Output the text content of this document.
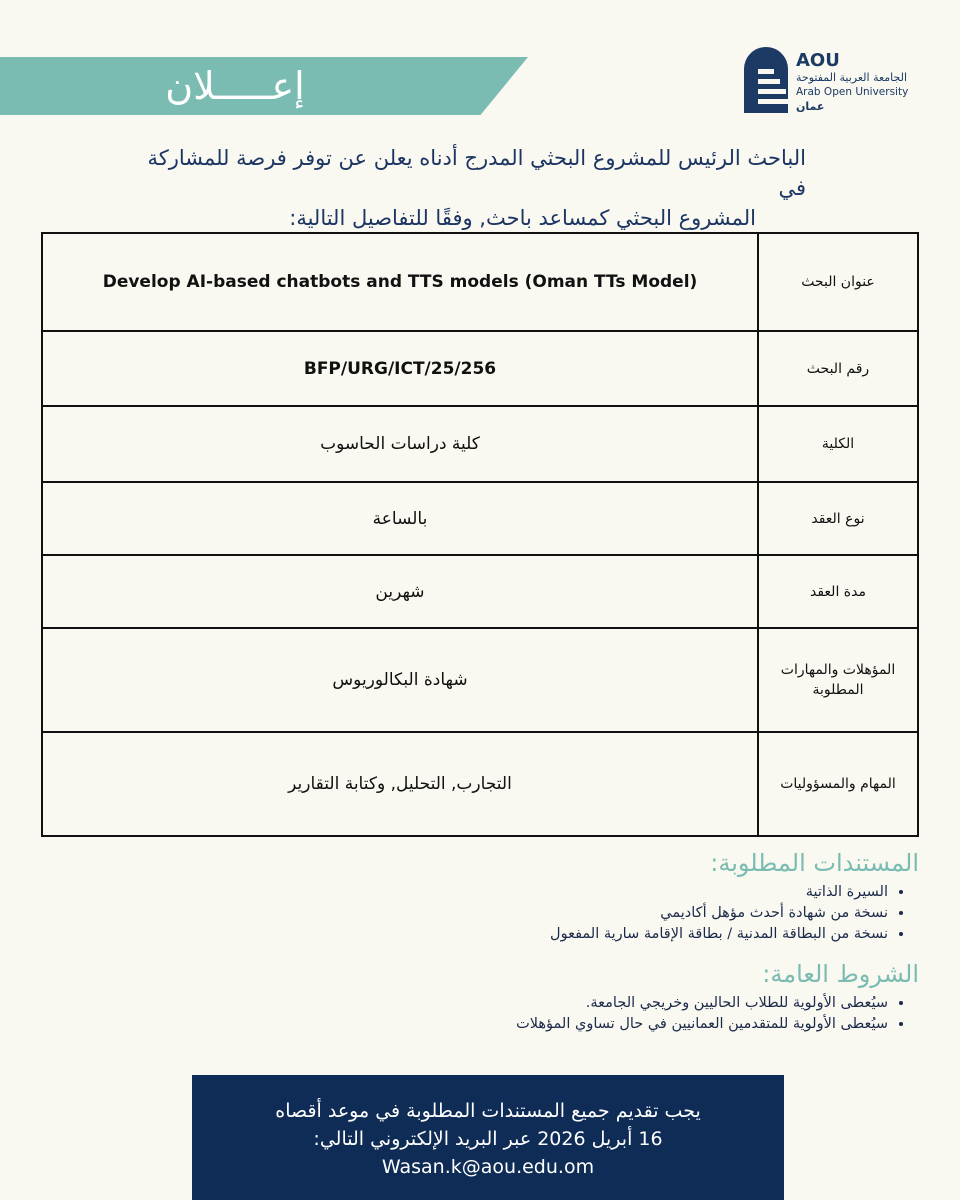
إعـــــلان
AOU
الجامعة العربية المفتوحة
Arab Open University
عمان
الباحث الرئيس للمشروع البحثي المدرج أدناه يعلن عن توفر فرصة للمشاركة في
المشروع البحثي كمساعد باحث, وفقًا للتفاصيل التالية:
عنوان البحث	Develop AI-based chatbots and TTS models (Oman TTs Model)
رقم البحث	BFP/URG/ICT/25/256
الكلية	كلية دراسات الحاسوب
نوع العقد	بالساعة
مدة العقد	شهرين
المؤهلات والمهارات المطلوبة	شهادة البكالوريوس
المهام والمسؤوليات	التجارب, التحليل, وكتابة التقارير
المستندات المطلوبة:
• السيرة الذاتية
• نسخة من شهادة أحدث مؤهل أكاديمي
• نسخة من البطاقة المدنية / بطاقة الإقامة سارية المفعول
الشروط العامة:
• سيُعطى الأولوية للطلاب الحاليين وخريجي الجامعة.
• سيُعطى الأولوية للمتقدمين العمانيين في حال تساوي المؤهلات
يجب تقديم جميع المستندات المطلوبة في موعد أقصاه
16 أبريل 2026 عبر البريد الإلكتروني التالي:
Wasan.k@aou.edu.om
